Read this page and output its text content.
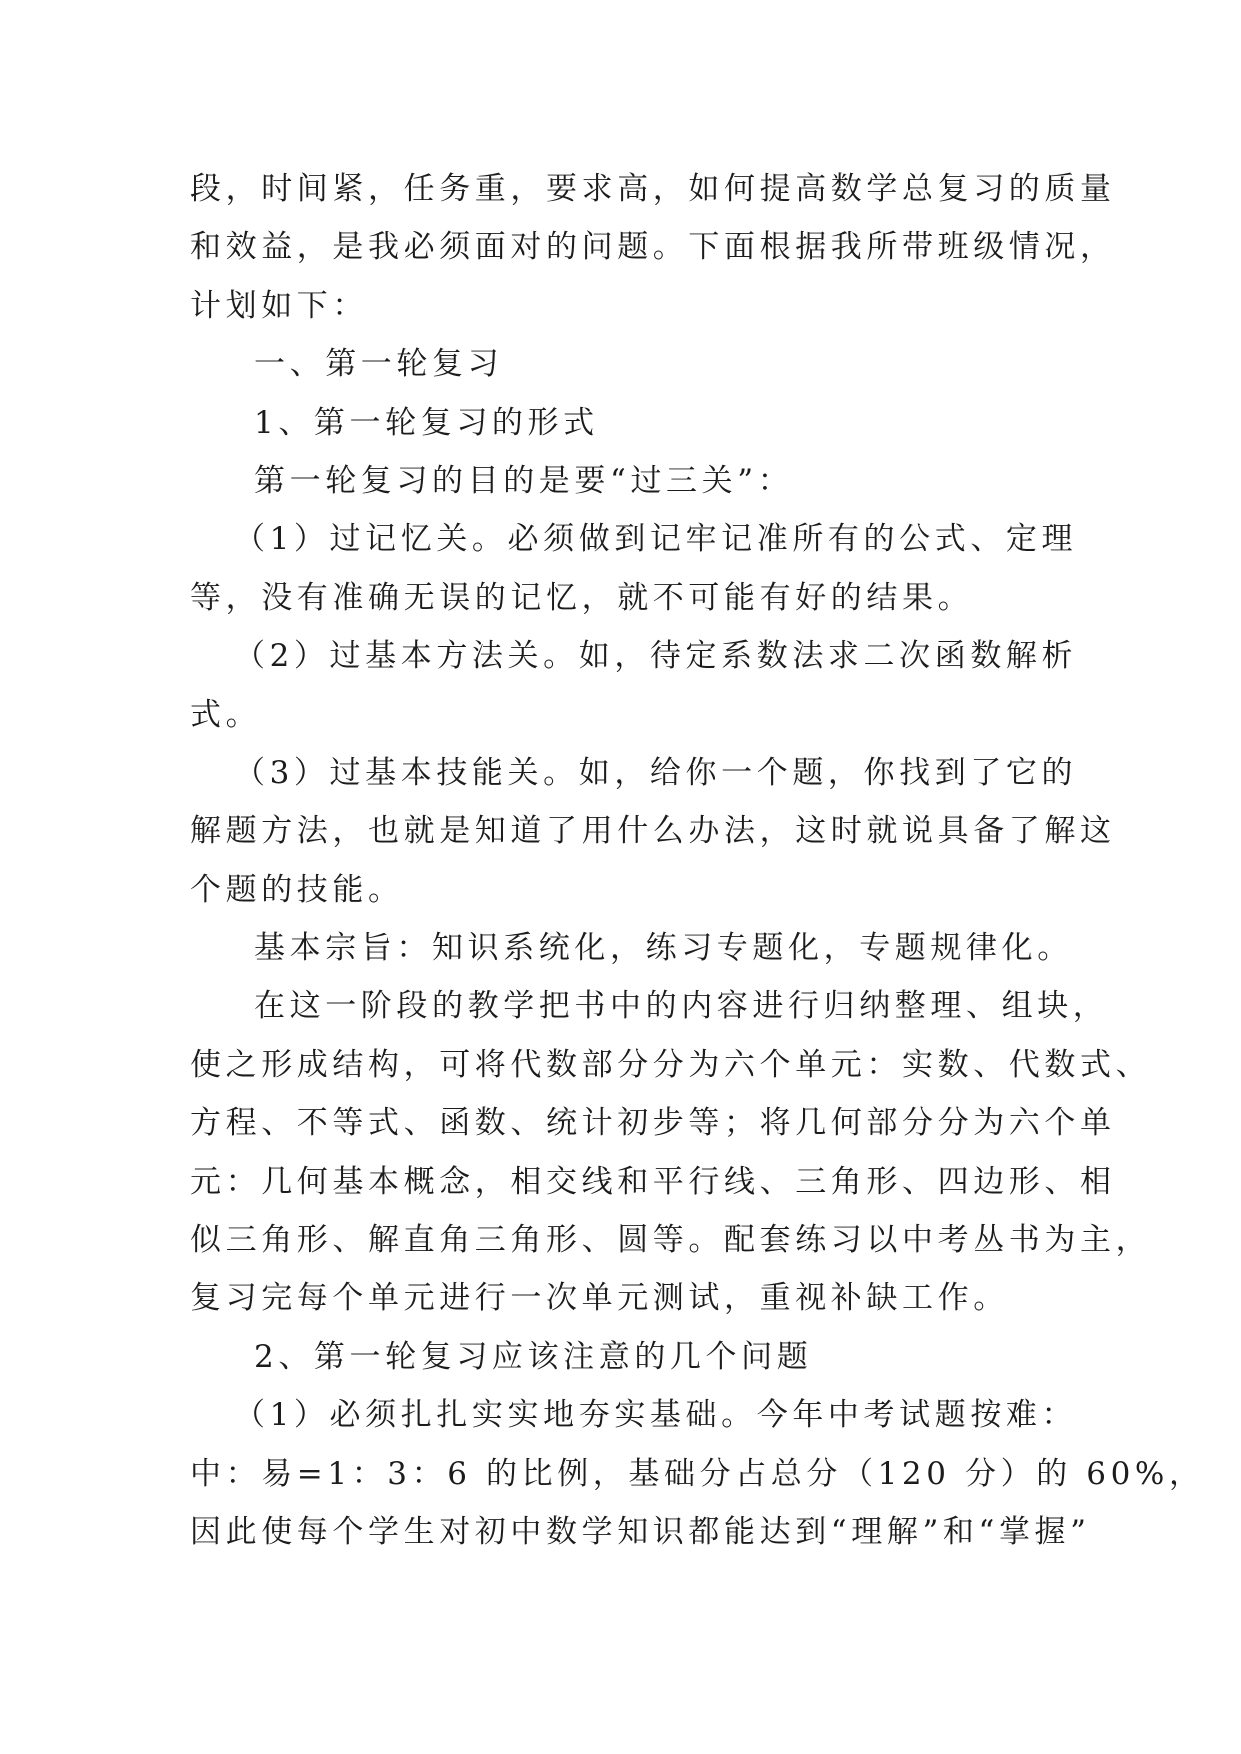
段，时间紧，任务重，要求高，如何提高数学总复习的质量
和效益，是我必须面对的问题。下面根据我所带班级情况，
计划如下：
一、第一轮复习
1、第一轮复习的形式
第一轮复习的目的是要“过三关”：
（1）过记忆关。必须做到记牢记准所有的公式、定理
等，没有准确无误的记忆，就不可能有好的结果。
（2）过基本方法关。如，待定系数法求二次函数解析
式。
（3）过基本技能关。如，给你一个题，你找到了它的
解题方法，也就是知道了用什么办法，这时就说具备了解这
个题的技能。
基本宗旨：知识系统化，练习专题化，专题规律化。
在这一阶段的教学把书中的内容进行归纳整理、组块，
使之形成结构，可将代数部分分为六个单元：实数、代数式、
方程、不等式、函数、统计初步等；将几何部分分为六个单
元：几何基本概念，相交线和平行线、三角形、四边形、相
似三角形、解直角三角形、圆等。配套练习以中考丛书为主，
复习完每个单元进行一次单元测试，重视补缺工作。
2、第一轮复习应该注意的几个问题
（1）必须扎扎实实地夯实基础。今年中考试题按难：
中：易=1：3：6 的比例，基础分占总分（120 分）的 60%，
因此使每个学生对初中数学知识都能达到“理解”和“掌握”
